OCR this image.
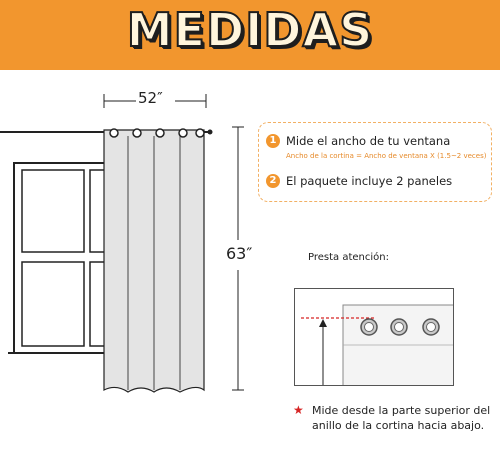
MEDIDAS
52″
63″
1 Mide el ancho de tu ventana
Ancho de la cortina = Ancho de ventana X (1.5~2 veces)
2 El paquete incluye 2 paneles
Presta atención:
★ Mide desde la parte superior del anillo de la cortina hacia abajo.
